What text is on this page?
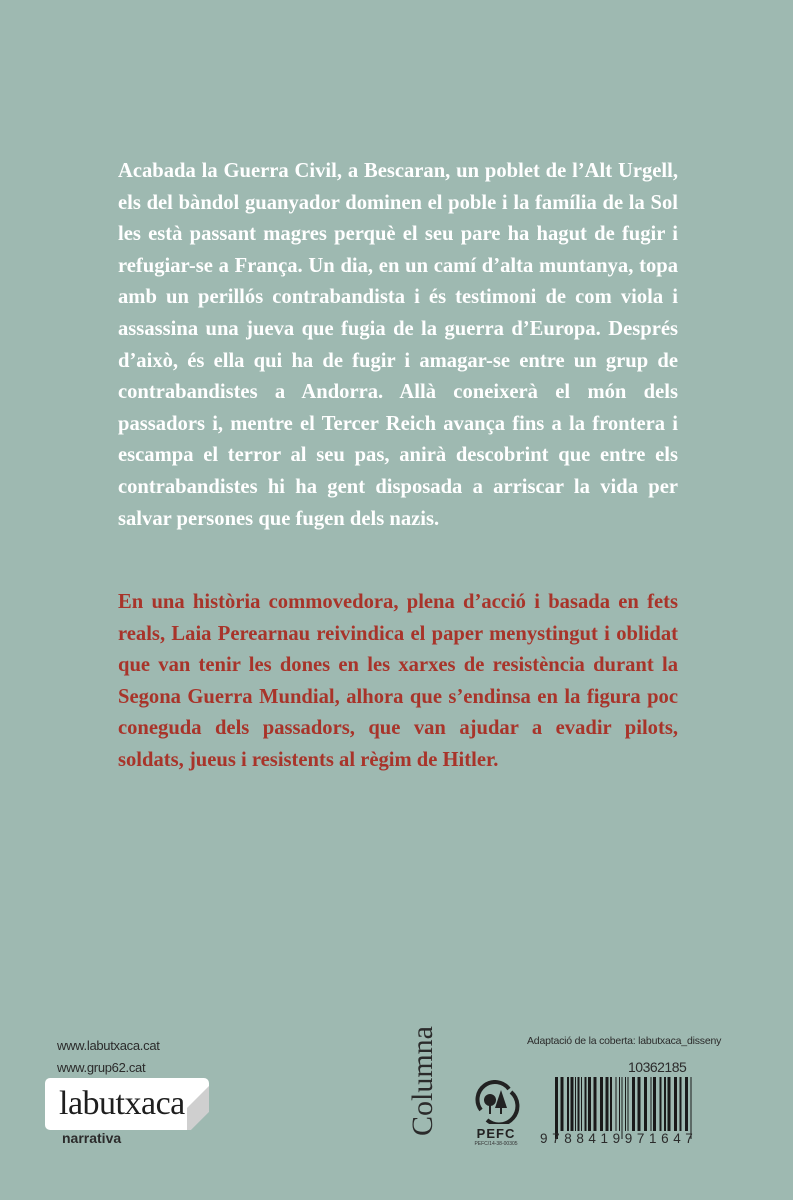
Acabada la Guerra Civil, a Bescaran, un poblet de l’Alt Urgell, els del bàndol guanyador dominen el poble i la família de la Sol les està passant magres perquè el seu pare ha hagut de fugir i refugiar-se a França. Un dia, en un camí d’alta muntanya, topa amb un perillós contrabandista i és testimoni de com viola i assassina una jueva que fugia de la guerra d’Europa. Després d’això, és ella qui ha de fugir i amagar-se entre un grup de contrabandistes a Andorra. Allà coneixerà el món dels passadors i, mentre el Tercer Reich avança fins a la frontera i escampa el terror al seu pas, anirà descobrint que entre els contrabandistes hi ha gent disposada a arriscar la vida per salvar persones que fugen dels nazis.

En una història commovedora, plena d’acció i basada en fets reals, Laia Perearnau reivindica el paper menystingut i oblidat que van tenir les dones en les xarxes de resistència durant la Segona Guerra Mundial, alhora que s’endinsa en la figura poc coneguda dels passadors, que van ajudar a evadir pilots, soldats, jueus i resistents al règim de Hitler.

www.labutxaca.cat
www.grup62.cat
labutxaca
narrativa
Columna	PEFC
PEFC/14-38-00305
Adaptació de la coberta: labutxaca_disseny
10362185
9788419971647
